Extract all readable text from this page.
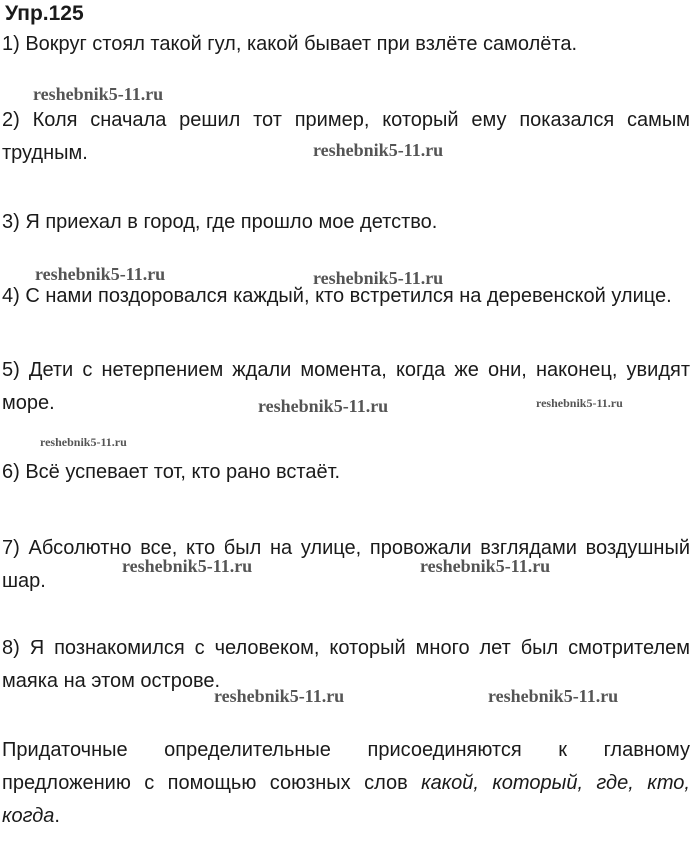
Упр.125

1) Вокруг стоял такой гул, какой бывает при взлёте самолёта.

2) Коля сначала решил тот пример, который ему показался самым трудным.

3) Я приехал в город, где прошло мое детство.

4) С нами поздоровался каждый, кто встретился на деревенской улице.

5) Дети с нетерпением ждали момента, когда же они, наконец, увидят море.

6) Всё успевает тот, кто рано встаёт.

7) Абсолютно все, кто был на улице, провожали взглядами воздушный шар.

8) Я познакомился с человеком, который много лет был смотрителем маяка на этом острове.

Придаточные определительные присоединяются к главному предложению с помощью союзных слов какой, который, где, кто, когда.

reshebnik5-11.ru
reshebnik5-11.ru
reshebnik5-11.ru	reshebnik5-11.ru
reshebnik5-11.ru	reshebnik5-11.ru
reshebnik5-11.ru
reshebnik5-11.ru	reshebnik5-11.ru
reshebnik5-11.ru	reshebnik5-11.ru
